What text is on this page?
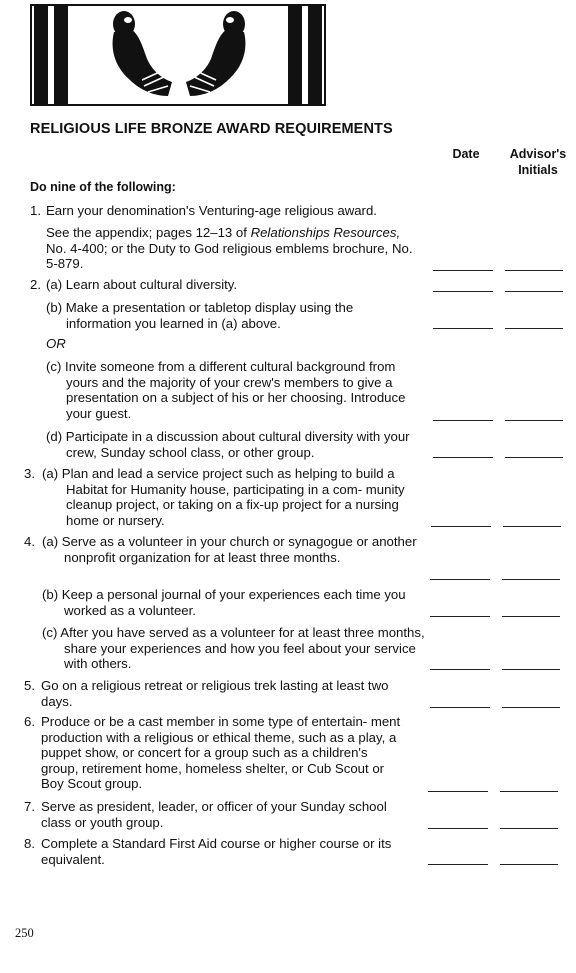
RELIGIOUS LIFE BRONZE AWARD REQUIREMENTS
Date	Advisor's
Initials
Do nine of the following:
1. Earn your denomination's Venturing-age religious award.
See the appendix; pages 12–13 of Relationships Resources, No. 4-400; or the Duty to God religious emblems brochure, No. 5-879.
2. (a) Learn about cultural diversity.
(b) Make a presentation or tabletop display using the information you learned in (a) above.
OR
(c) Invite someone from a different cultural background from yours and the majority of your crew's members to give a presentation on a subject of his or her choosing. Introduce your guest.
(d) Participate in a discussion about cultural diversity with your crew, Sunday school class, or other group.
3. (a) Plan and lead a service project such as helping to build a Habitat for Humanity house, participating in a com- munity cleanup project, or taking on a fix-up project for a nursing home or nursery.
4. (a) Serve as a volunteer in your church or synagogue or another nonprofit organization for at least three months.
(b) Keep a personal journal of your experiences each time you worked as a volunteer.
(c) After you have served as a volunteer for at least three months, share your experiences and how you feel about your service with others.
5. Go on a religious retreat or religious trek lasting at least two days.
6. Produce or be a cast member in some type of entertain- ment production with a religious or ethical theme, such as a play, a puppet show, or concert for a group such as a children's group, retirement home, homeless shelter, or Cub Scout or Boy Scout group.
7. Serve as president, leader, or officer of your Sunday school class or youth group.
8. Complete a Standard First Aid course or higher course or its equivalent.
250
